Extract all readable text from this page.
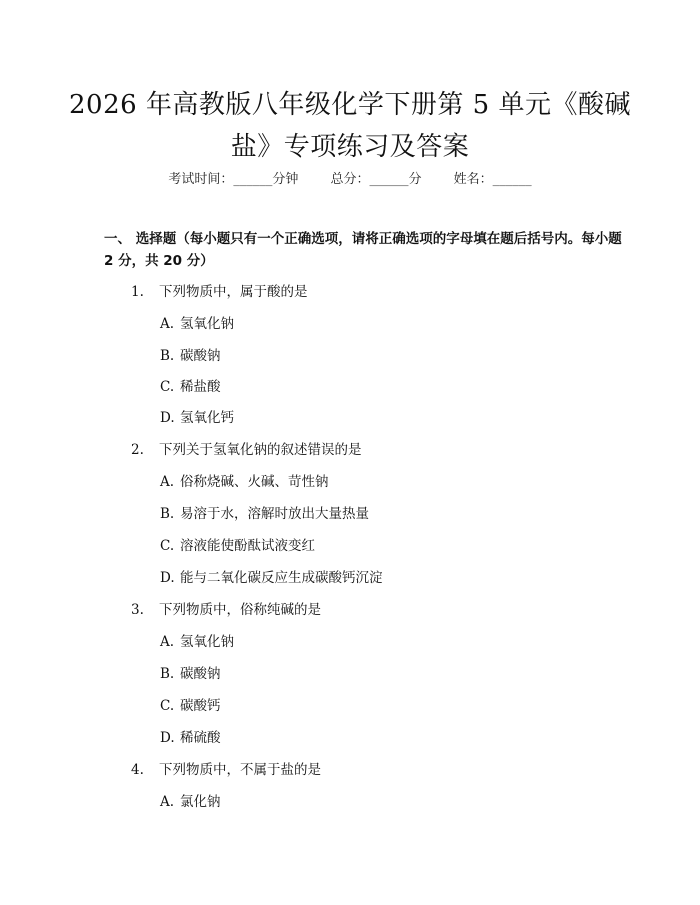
2026 年高教版八年级化学下册第 5 单元《酸碱盐》专项练习及答案
考试时间：______分钟 总分：______分 姓名：______
一、 选择题（每小题只有一个正确选项，请将正确选项的字母填在题后括号内。每小题 2 分，共 20 分）
1. 下列物质中，属于酸的是
A. 氢氧化钠
B. 碳酸钠
C. 稀盐酸
D. 氢氧化钙
2. 下列关于氢氧化钠的叙述错误的是
A. 俗称烧碱、火碱、苛性钠
B. 易溶于水，溶解时放出大量热量
C. 溶液能使酚酞试液变红
D. 能与二氧化碳反应生成碳酸钙沉淀
3. 下列物质中，俗称纯碱的是
A. 氢氧化钠
B. 碳酸钠
C. 碳酸钙
D. 稀硫酸
4. 下列物质中，不属于盐的是
A. 氯化钠
